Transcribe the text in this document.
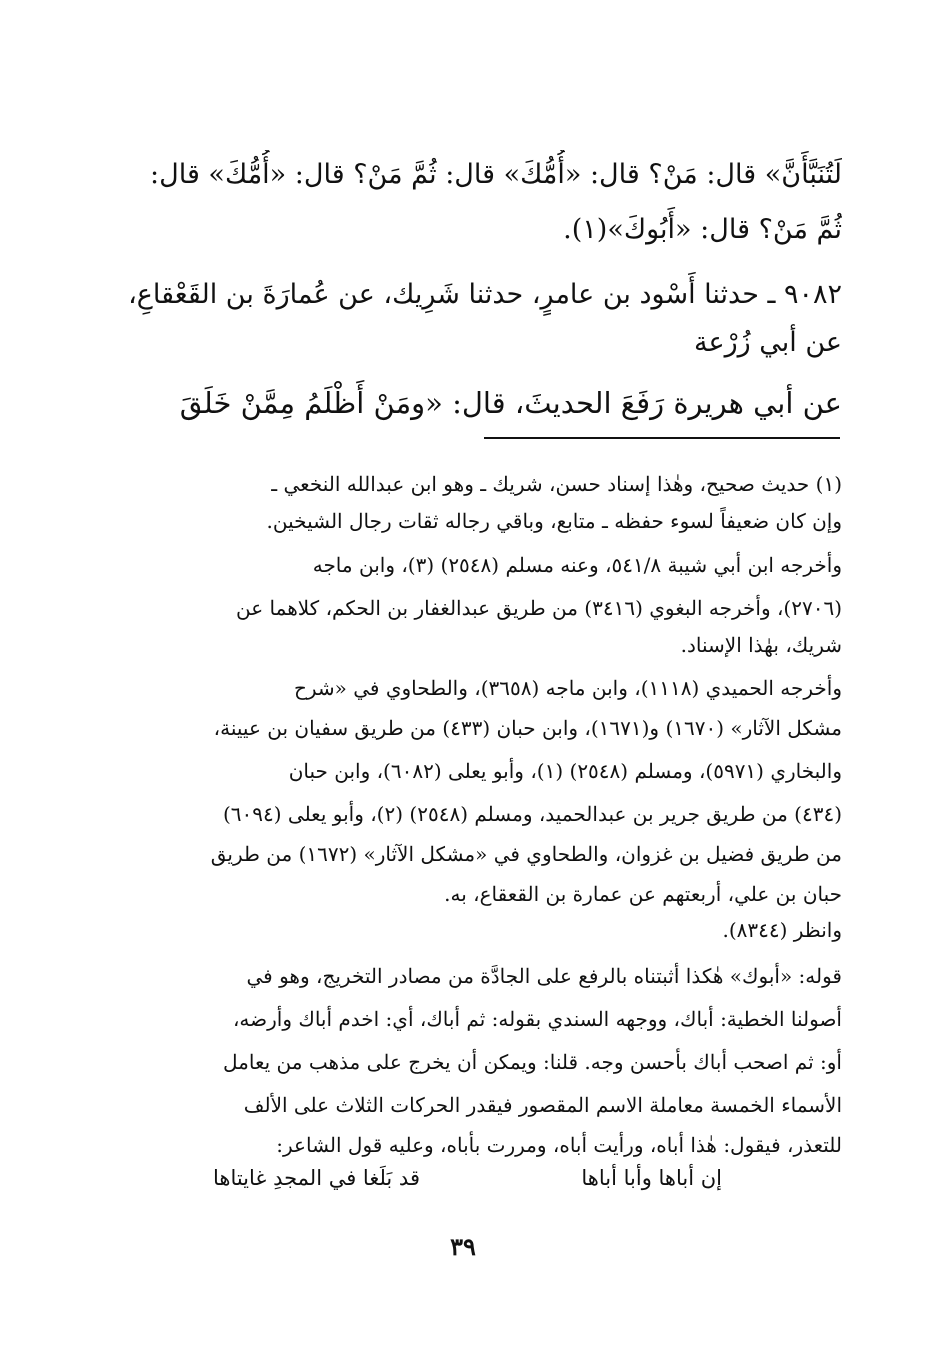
لَتُنَبَّأَنَّ» قال: مَنْ؟ قال: «أُمُّكَ» قال: ثُمَّ مَنْ؟ قال: «أُمُّكَ» قال:
ثُمَّ مَنْ؟ قال: «أَبُوكَ»(١).
٩٠٨٢ ـ حدثنا أَسْود بن عامرٍ، حدثنا شَرِيك، عن عُمارَةَ بن القَعْقاعِ،
عن أبي زُرْعة
عن أبي هريرة رَفَعَ الحديثَ، قال: «ومَنْ أَظْلَمُ مِمَّنْ خَلَقَ
(١) حديث صحيح، وهٰذا إسناد حسن، شريك ـ وهو ابن عبدالله النخعي ـ
وإن كان ضعيفاً لسوء حفظه ـ متابع، وباقي رجاله ثقات رجال الشيخين.
وأخرجه ابن أبي شيبة ٥٤١/٨، وعنه مسلم (٢٥٤٨) (٣)، وابن ماجه
(٢٧٠٦)، وأخرجه البغوي (٣٤١٦) من طريق عبدالغفار بن الحكم، كلاهما عن
شريك، بهٰذا الإسناد.
وأخرجه الحميدي (١١١٨)، وابن ماجه (٣٦٥٨)، والطحاوي في «شرح
مشكل الآثار» (١٦٧٠) و(١٦٧١)، وابن حبان (٤٣٣) من طريق سفيان بن عيينة،
والبخاري (٥٩٧١)، ومسلم (٢٥٤٨) (١)، وأبو يعلى (٦٠٨٢)، وابن حبان
(٤٣٤) من طريق جرير بن عبدالحميد، ومسلم (٢٥٤٨) (٢)، وأبو يعلى (٦٠٩٤)
من طريق فضيل بن غزوان، والطحاوي في «مشكل الآثار» (١٦٧٢) من طريق
حبان بن علي، أربعتهم عن عمارة بن القعقاع، به.
وانظر (٨٣٤٤).
قوله: «أبوك» هٰكذا أثبتناه بالرفع على الجادَّة من مصادر التخريج، وهو في
أصولنا الخطية: أباك، ووجهه السندي بقوله: ثم أباك، أي: اخدم أباك وأرضه،
أو: ثم اصحب أباك بأحسن وجه. قلنا: ويمكن أن يخرج على مذهب من يعامل
الأسماء الخمسة معاملة الاسم المقصور فيقدر الحركات الثلاث على الألف
للتعذر، فيقول: هٰذا أباه، ورأيت أباه، ومررت بأباه، وعليه قول الشاعر:
إن أباها وأبا أباها
قد بَلَغا في المجدِ غايتاها
٣٩
